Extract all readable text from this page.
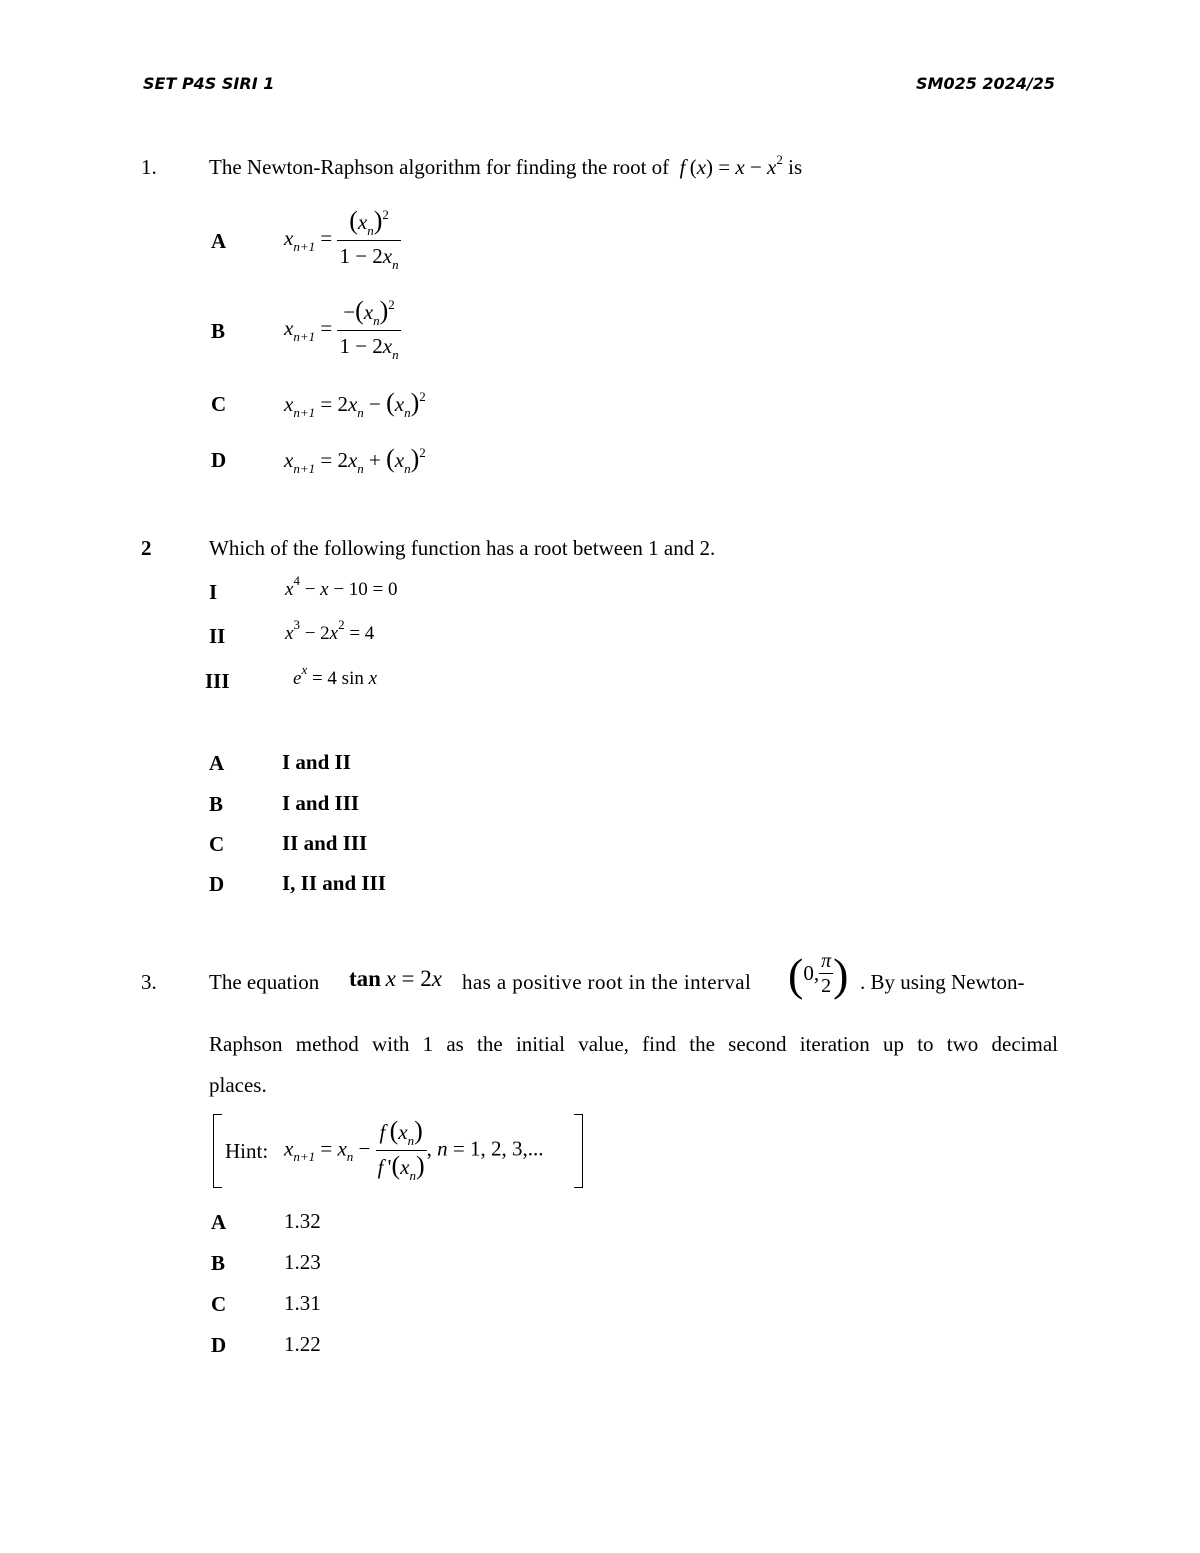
SET P4S SIRI 1	SM025 2024/25
1. The Newton-Raphson algorithm for finding the root of f $(x) = x - x^2$ is
A	$x_{n+1} = \frac{(x_n)^2}{1 - 2x_n}$
B	$x_{n+1} = \frac{-(x_n)^2}{1 - 2x_n}$
C	$x_{n+1} = 2x_n - (x_n)^2$
D	$x_{n+1} = 2x_n + (x_n)^2$
2	Which of the following function has a root between 1 and 2.
I	$x^4 - x - 10 = 0$
II	$x^3 - 2x^2 = 4$
III	$e^x = 4$ sin x
A	I and II
B	I and III
C	II and III
D	I, II and III
3. The equation tan  x = 2x has a positive root in the interval (0, $\frac{\pi}{2}$ ) . By using Newton-
Raphson method with 1 as the initial value, find the second iteration up to two decimal
places.
Hint: $x_{n+1} = x_n - \frac{f (x_n)}{f '(x_n)}$ , n = 1, 2, 3,...
A	1.32
B	1.23
C	1.31
D	1.22
